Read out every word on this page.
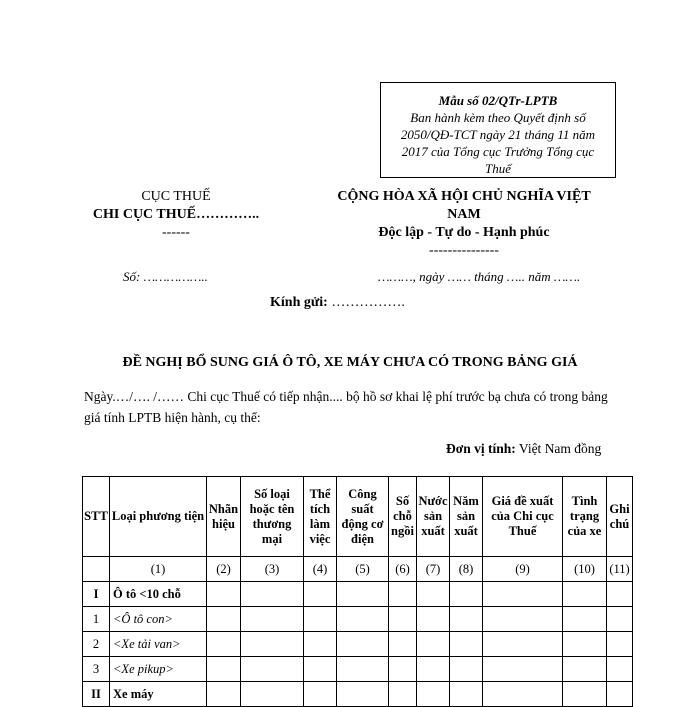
Mẫu số 02/QTr-LPTB
Ban hành kèm theo Quyết định số
2050/QĐ-TCT ngày 21 tháng 11 năm
2017 của Tổng cục Trưởng Tổng cục
Thuế
CỤC THUẾ
CHI CỤC THUẾ…………..
------
CỘNG HÒA XÃ HỘI CHỦ NGHĨA VIỆT
NAM
Độc lập - Tự do - Hạnh phúc
---------------
Số: ……………..	………, ngày …… tháng ….. năm …….
Kính gửi: …………….
ĐỀ NGHỊ BỔ SUNG GIÁ Ô TÔ, XE MÁY CHƯA CÓ TRONG BẢNG GIÁ
Ngày.…/…. /…… Chi cục Thuế có tiếp nhận.... bộ hồ sơ khai lệ phí trước bạ chưa có trong bảng giá tính LPTB hiện hành, cụ thể:
Đơn vị tính: Việt Nam đồng
STT	Loại phương tiện	Nhãn hiệu	Số loại hoặc tên thương mại	Thể tích làm việc	Công suất động cơ điện	Số chỗ ngồi	Nước sản xuất	Năm sản xuất	Giá đề xuất của Chi cục Thuế	Tình trạng của xe	Ghi chú
	(1)	(2)	(3)	(4)	(5)	(6)	(7)	(8)	(9)	(10)	(11)
I	Ô tô <10 chỗ										
1	<Ô tô con>										
2	<Xe tải van>										
3	<Xe pikup>										
II	Xe máy										
